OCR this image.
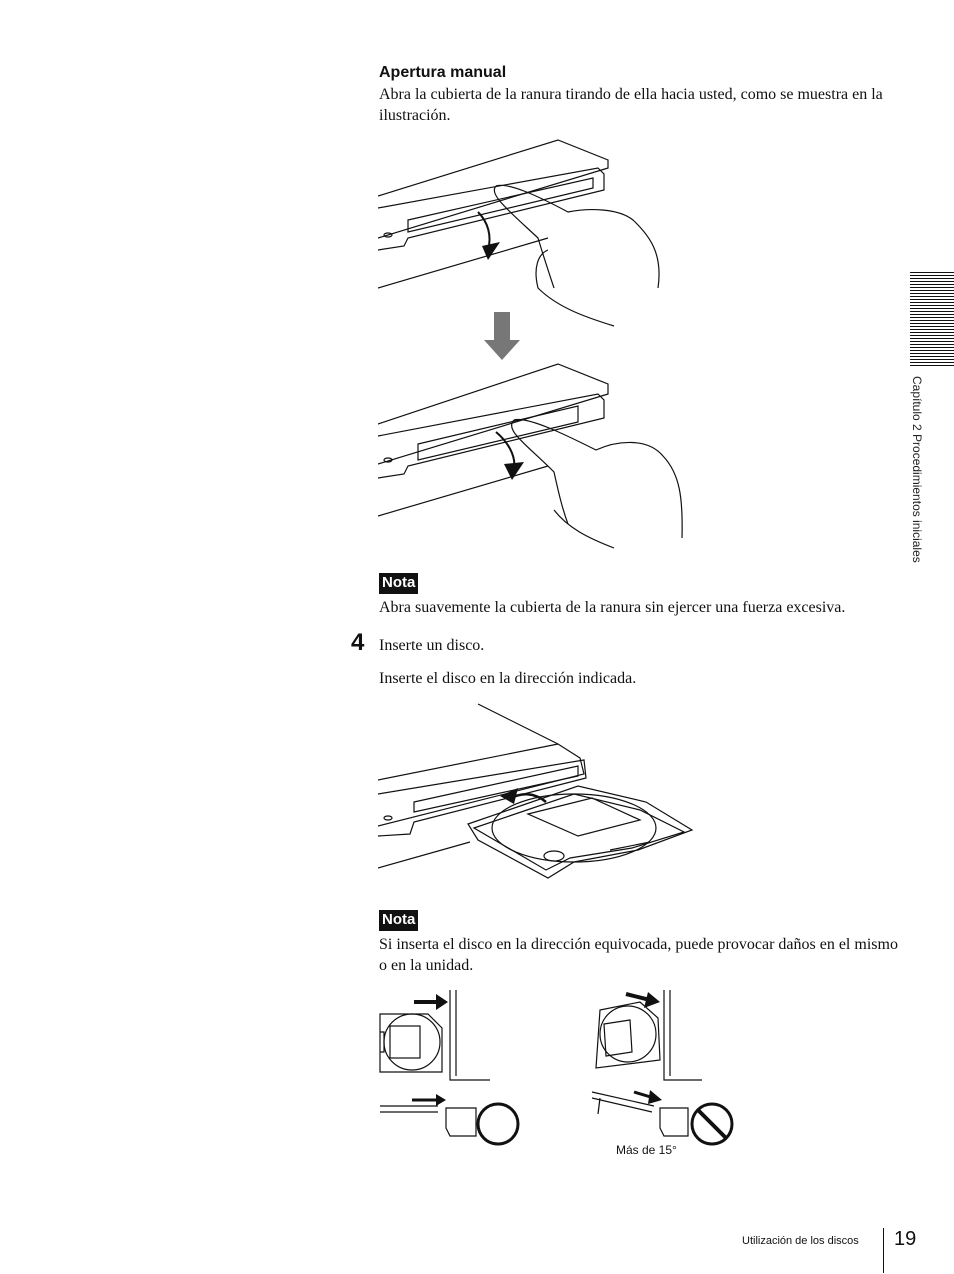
Apertura manual
Abra la cubierta de la ranura tirando de ella hacia usted, como se muestra en la ilustración.
Nota
Abra suavemente la cubierta de la ranura sin ejercer una fuerza excesiva.
4 Inserte un disco.
Inserte el disco en la dirección indicada.
Nota
Si inserta el disco en la dirección equivocada, puede provocar daños en el mismo o en la unidad.
Más de 15°
Capítulo 2 Procedimientos iniciales
Utilización de los discos 19
